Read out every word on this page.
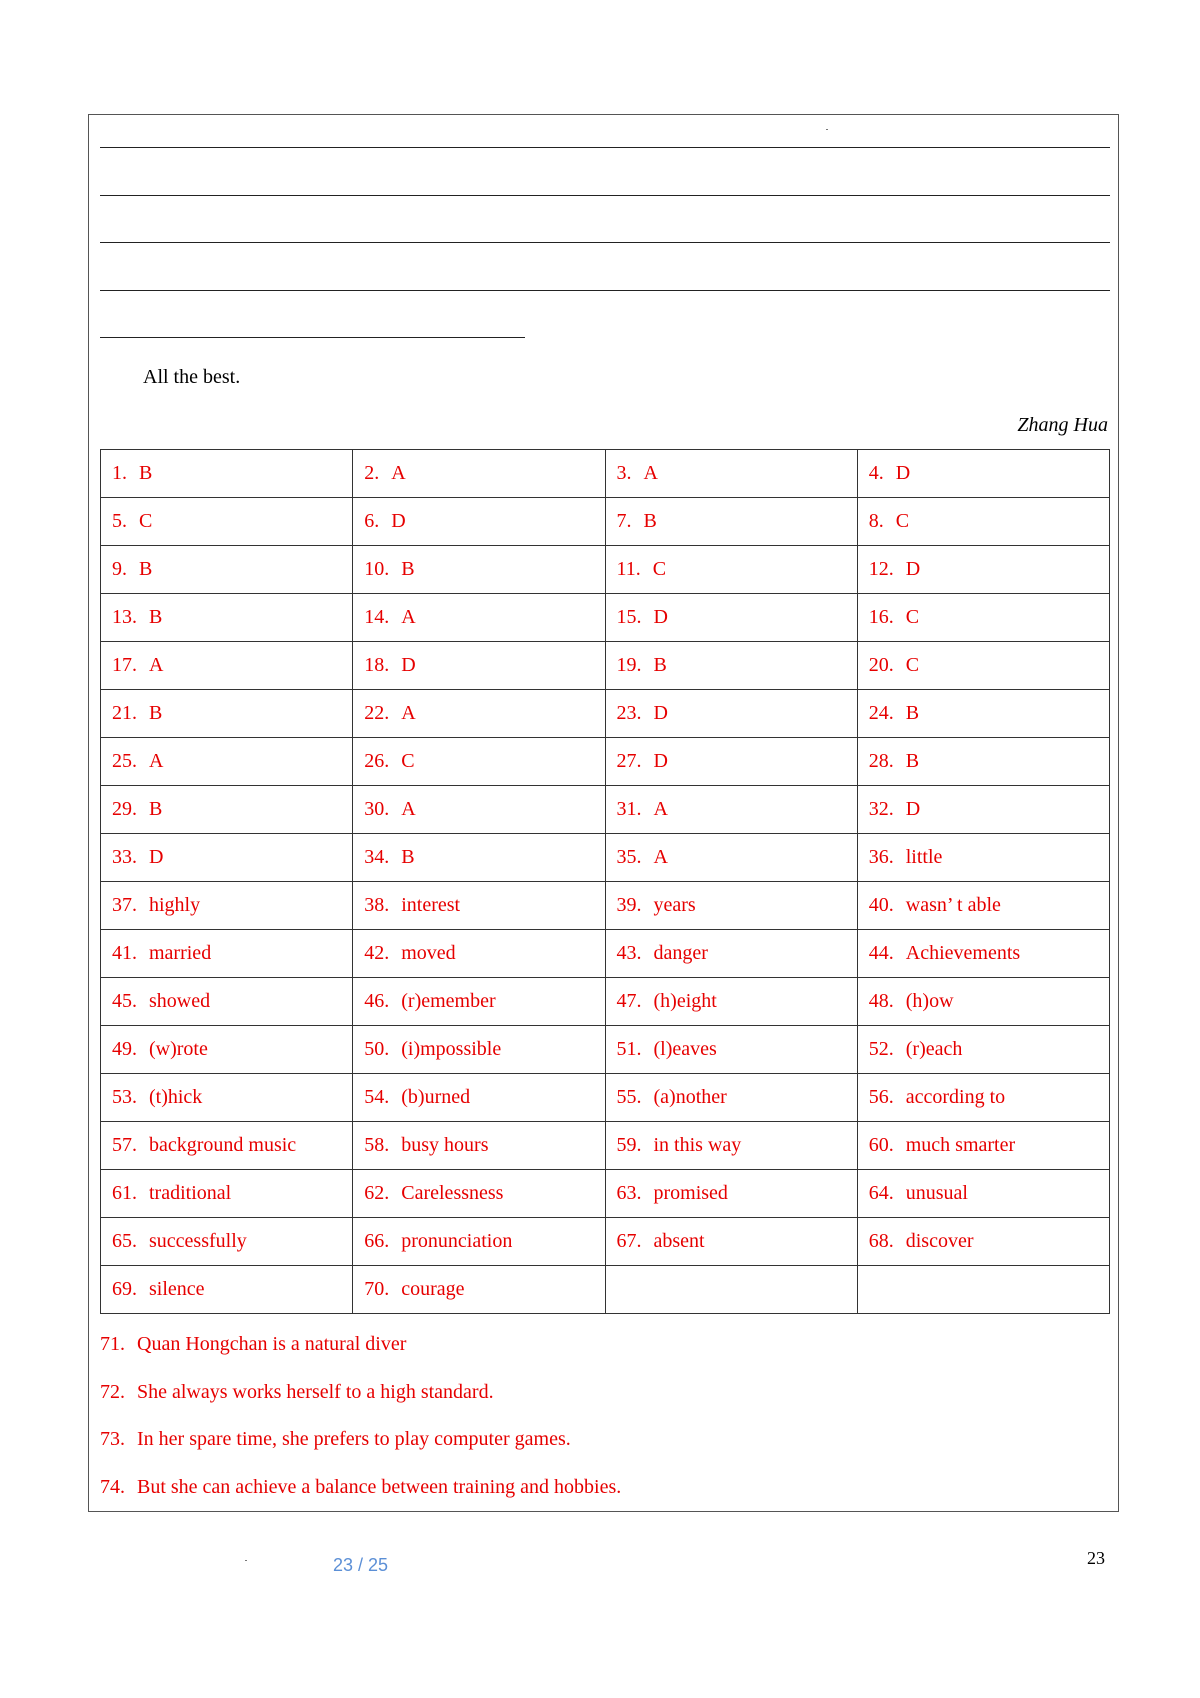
All the best.
Zhang Hua
1. B	2. A	3. A	4. D
5. C	6. D	7. B	8. C
9. B	10. B	11. C	12. D
13. B	14. A	15. D	16. C
17. A	18. D	19. B	20. C
21. B	22. A	23. D	24. B
25. A	26. C	27. D	28. B
29. B	30. A	31. A	32. D
33. D	34. B	35. A	36. little
37. highly	38. interest	39. years	40. wasn’ t able
41. married	42. moved	43. danger	44. Achievements
45. showed	46. (r)emember	47. (h)eight	48. (h)ow
49. (w)rote	50. (i)mpossible	51. (l)eaves	52. (r)each
53. (t)hick	54. (b)urned	55. (a)nother	56. according to
57. background music	58. busy hours	59. in this way	60. much smarter
61. traditional	62. Carelessness	63. promised	64. unusual
65. successfully	66. pronunciation	67. absent	68. discover
69. silence	70. courage		
71. Quan Hongchan is a natural diver
72. She always works herself to a high standard.
73. In her spare time, she prefers to play computer games.
74. But she can achieve a balance between training and hobbies.
23 / 25	23
